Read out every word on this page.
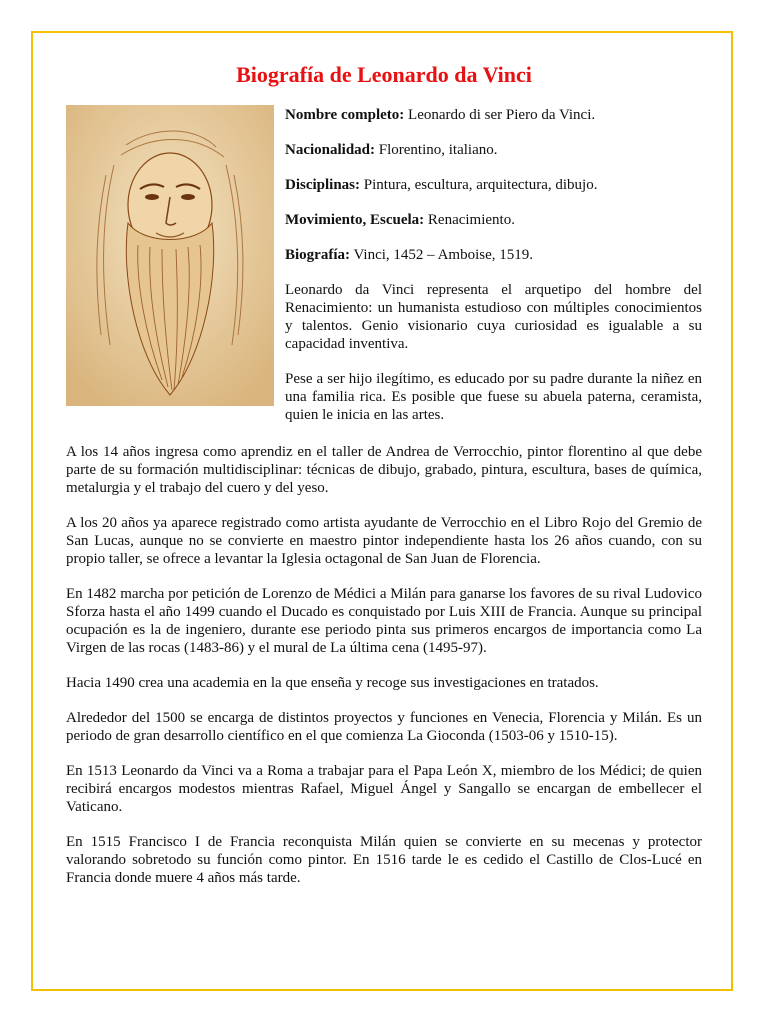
Biografía de Leonardo da Vinci

Nombre completo: Leonardo di ser Piero da Vinci.

Nacionalidad: Florentino, italiano.

Disciplinas: Pintura, escultura, arquitectura, dibujo.

Movimiento, Escuela: Renacimiento.

Biografía: Vinci, 1452 – Amboise, 1519.

Leonardo da Vinci representa el arquetipo del hombre del Renacimiento: un humanista estudioso con múltiples conocimientos y talentos. Genio visionario cuya curiosidad es igualable a su capacidad inventiva.

Pese a ser hijo ilegítimo, es educado por su padre durante la niñez en una familia rica. Es posible que fuese su abuela paterna, ceramista, quien le inicia en las artes.

A los 14 años ingresa como aprendiz en el taller de Andrea de Verrocchio, pintor florentino al que debe parte de su formación multidisciplinar: técnicas de dibujo, grabado, pintura, escultura, bases de química, metalurgia y el trabajo del cuero y del yeso.

A los 20 años ya aparece registrado como artista ayudante de Verrocchio en el Libro Rojo del Gremio de San Lucas, aunque no se convierte en maestro pintor independiente hasta los 26 años cuando, con su propio taller, se ofrece a levantar la Iglesia octagonal de San Juan de Florencia.

En 1482 marcha por petición de Lorenzo de Médici a Milán para ganarse los favores de su rival Ludovico Sforza hasta el año 1499 cuando el Ducado es conquistado por Luis XIII de Francia. Aunque su principal ocupación es la de ingeniero, durante ese periodo pinta sus primeros encargos de importancia como La Virgen de las rocas (1483-86) y el mural de La última cena (1495-97).

Hacia 1490 crea una academia en la que enseña y recoge sus investigaciones en tratados.

Alrededor del 1500 se encarga de distintos proyectos y funciones en Venecia, Florencia y Milán. Es un periodo de gran desarrollo científico en el que comienza La Gioconda (1503-06 y 1510-15).

En 1513 Leonardo da Vinci va a Roma a trabajar para el Papa León X, miembro de los Médici; de quien recibirá encargos modestos mientras Rafael, Miguel Ángel y Sangallo se encargan de embellecer el Vaticano.

En 1515 Francisco I de Francia reconquista Milán quien se convierte en su mecenas y protector valorando sobretodo su función como pintor. En 1516 tarde le es cedido el Castillo de Clos-Lucé en Francia donde muere 4 años más tarde.
